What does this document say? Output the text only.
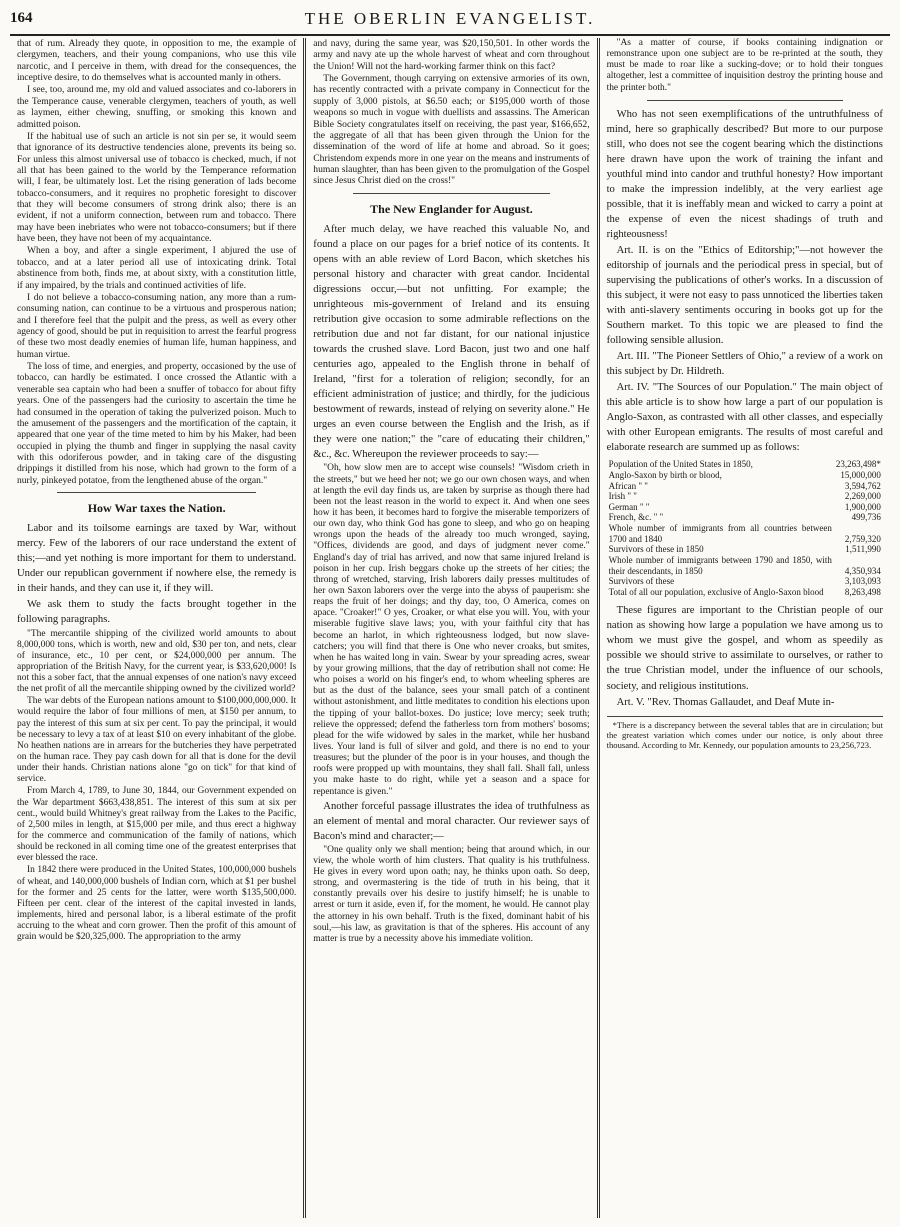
164	THE OBERLIN EVANGELIST.

that of rum. Already they quote, in opposition to me, the example of clergymen, teachers, and their young companions, who use this vile narcotic, and I perceive in them, with dread for the consequences, the inceptive desire, to do themselves what is accounted manly in others.

I see, too, around me, my old and valued associates and co-laborers in the Temperance cause, venerable clergymen, teachers of youth, as well as laymen, either chewing, snuffing, or smoking this known and admitted poison.

If the habitual use of such an article is not sin per se, it would seem that ignorance of its destructive tendencies alone, prevents its being so. For unless this almost universal use of tobacco is checked, much, if not all that has been gained to the world by the Temperance reformation will, I fear, be ultimately lost. Let the rising generation of lads become tobacco-consumers, and it requires no prophetic foresight to discover that they will become consumers of strong drink also; there is an evident, if not a uniform connection, between rum and tobacco. There may have been inebriates who were not tobacco-consumers; but if there have been, they have not been of my acquaintance.

When a boy, and after a single experiment, I abjured the use of tobacco, and at a later period all use of intoxicating drink. Total abstinence from both, finds me, at about sixty, with a constitution little, if any impaired, by the trials and continued activities of life.

I do not believe a tobacco-consuming nation, any more than a rum-consuming nation, can continue to be a virtuous and prosperous nation; and I therefore feel that the pulpit and the press, as well as every other agency of good, should be put in requisition to arrest the fearful progress of these two most deadly enemies of human life, human happiness, and human virtue.

The loss of time, and energies, and property, occasioned by the use of tobacco, can hardly be estimated. I once crossed the Atlantic with a venerable sea captain who had been a snuffer of tobacco for about fifty years. One of the passengers had the curiosity to ascertain the time he had consumed in the operation of taking the pulverized poison. Much to the amusement of the passengers and the mortification of the captain, it appeared that one year of the time meted to him by his Maker, had been occupied in plying the thumb and finger in supplying the nasal cavity with this odoriferous powder, and in taking care of the disgusting drippings it distilled from his nose, which had grown to the form of a nurly, pinkeyed potatoe, from the lengthened abuse of the organ."

How War taxes the Nation.

Labor and its toilsome earnings are taxed by War, without mercy. Few of the laborers of our race understand the extent of this;—and yet nothing is more important for them to understand. Under our republican government if nowhere else, the remedy is in their hands, and they can use it, if they will.

We ask them to study the facts brought together in the following paragraphs.

"The mercantile shipping of the civilized world amounts to about 8,000,000 tons, which is worth, new and old, $30 per ton, and nets, clear of insurance, etc., 10 per cent, or $24,000,000 per annum. The appropriation of the British Navy, for the current year, is $33,620,000! Is not this a sober fact, that the annual expenses of one nation's navy exceed the net profit of all the mercantile shipping owned by the civilized world?

The war debts of the European nations amount to $100,000,000,000. It would require the labor of four millions of men, at $150 per annum, to pay the interest of this sum at six per cent. To pay the principal, it would be necessary to levy a tax of at least $10 on every inhabitant of the globe. No heathen nations are in arrears for the butcheries they have perpetrated on the human race. They pay cash down for all that is done for the devil under their hands. Christian nations alone "go on tick" for that kind of service.

From March 4, 1789, to June 30, 1844, our Government expended on the War department $663,438,851. The interest of this sum at six per cent., would build Whitney's great railway from the Lakes to the Pacific, of 2,500 miles in length, at $15,000 per mile, and thus erect a highway for the commerce and communication of the family of nations, which should be reckoned in all coming time one of the greatest enterprises that ever blessed the race.

In 1842 there were produced in the United States, 100,000,000 bushels of wheat, and 140,000,000 bushels of Indian corn, which at $1 per bushel for the former and 25 cents for the latter, were worth $135,500,000. Fifteen per cent. clear of the interest of the capital invested in lands, implements, hired and personal labor, is a liberal estimate of the profit accruing to the wheat and corn grower. Then the profit of this amount of grain would be $20,325,000. The appropriation to the army

and navy, during the same year, was $20,150,501. In other words the army and navy ate up the whole harvest of wheat and corn throughout the Union! Will not the hard-working farmer think on this fact?

The Government, though carrying on extensive armories of its own, has recently contracted with a private company in Connecticut for the supply of 3,000 pistols, at $6.50 each; or $195,000 worth of those weapons so much in vogue with duellists and assassins. The American Bible Society congratulates itself on receiving, the past year, $166,652, the aggregate of all that has been given through the Union for the dissemination of the word of life at home and abroad. So it goes; Christendom expends more in one year on the means and instruments of human slaughter, than has been given to the promulgation of the Gospel since Jesus Christ died on the cross!"

The New Englander for August.

After much delay, we have reached this valuable No, and found a place on our pages for a brief notice of its contents. It opens with an able review of Lord Bacon, which sketches his personal history and character with great candor. Incidental digressions occur,—but not unfitting. For example; the unrighteous mis-government of Ireland and its ensuing retribution give occasion to some admirable reflections on the retribution due and not far distant, for our national injustice towards the crushed slave. Lord Bacon, just two and one half centuries ago, appealed to the English throne in behalf of Ireland, "first for a toleration of religion; secondly, for an efficient administration of justice; and thirdly, for the judicious bestowment of rewards, instead of relying on severity alone." He urges an even course between the English and the Irish, as if they were one nation;" the "care of educating their children," &c., &c. Whereupon the reviewer proceeds to say:—

"Oh, how slow men are to accept wise counsels! "Wisdom crieth in the streets," but we heed her not; we go our own chosen ways, and when at length the evil day finds us, are taken by surprise as though there had been not the least reason in the world to expect it. And when one sees how it has been, it becomes hard to forgive the miserable temporizers of our own day, who think God has gone to sleep, and who go on heaping wrongs upon the heads of the already too much wronged, saying, "Offices, dividends are good, and days of judgment never come." England's day of trial has arrived, and now that same injured Ireland is poison in her cup. Irish beggars choke up the streets of her cities; the throng of wretched, starving, Irish laborers daily presses multitudes of her own Saxon laborers over the verge into the abyss of pauperism: she reaps the fruit of her doings; and thy day, too, O America, comes on apace. "Croaker!" O yes, Croaker, or what else you will. You, with your miserable fugitive slave laws; you, with your faithful city that has become an harlot, in which righteousness lodged, but now slave-catchers; you will find that there is One who never croaks, but smites, when he has waited long in vain. Swear by your spreading acres, swear by your growing millions, that the day of retribution shall not come: He who poises a world on his finger's end, to whom wheeling spheres are but as the dust of the balance, sees your small patch of a continent without astonishment, and little meditates to condition his elections upon the tipping of your ballot-boxes. Do justice; love mercy; seek truth; relieve the oppressed; defend the fatherless torn from mothers' bosoms; plead for the wife widowed by sales in the market, while her husband lives. Your land is full of silver and gold, and there is no end to your treasures; but the plunder of the poor is in your houses, and though the roofs were propped up with mountains, they shall fall. Shall fall, unless you make haste to do right, while yet a season and a space for repentance is given."

Another forceful passage illustrates the idea of truthfulness as an element of mental and moral character. Our reviewer says of Bacon's mind and character;—

"One quality only we shall mention; being that around which, in our view, the whole worth of him clusters. That quality is his truthfulness. He gives in every word upon oath; nay, he thinks upon oath. So deep, strong, and overmastering is the tide of truth in his being, that it constantly prevails over his desire to justify himself; he is unable to arrest or turn it aside, even if, for the moment, he would. He cannot play the attorney in his own behalf. Truth is the fixed, dominant habit of his soul,—his law, as gravitation is that of the spheres. His account of any matter is true by a necessity above his immediate volition.

"As a matter of course, if books containing indignation or remonstrance upon one subject are to be re-printed at the south, they must be made to roar like a sucking-dove; or to hold their tongues altogether, lest a committee of inquisition destroy the printing house and the printer both."

Who has not seen exemplifications of the untruthfulness of mind, here so graphically described? But more to our purpose still, who does not see the cogent bearing which the distinctions here drawn have upon the work of training the infant and youthful mind into candor and truthful honesty? How important to make the impression indelibly, at the very earliest age possible, that it is ineffably mean and wicked to carry a point at the expense of even the nicest shadings of truth and righteousness!

Art. II. is on the "Ethics of Editorship;"—not however the editorship of journals and the periodical press in special, but of supervising the publications of other's works. In a discussion of this subject, it were not easy to pass unnoticed the liberties taken with anti-slavery sentiments occuring in books got up for the Southern market. To this topic we are pleased to find the following sensible allusion.

Art. III. "The Pioneer Settlers of Ohio," a review of a work on this subject by Dr. Hildreth.

Art. IV. "The Sources of our Population." The main object of this able article is to show how large a part of our population is Anglo-Saxon, as contrasted with all other classes, and especially with other European emigrants. The results of most careful and elaborate research are summed up as follows:

Population of the United States in 1850,	23,263,498*
Anglo-Saxon by birth or blood,	15,000,000
African " "	3,594,762
Irish " "	2,269,000
German " "	1,900,000
French, &c. " "	499,736
Whole number of immigrants from all countries between 1700 and 1840	2,759,320
Survivors of these in 1850	1,511,990
Whole number of immigrants between 1790 and 1850, with their descendants, in 1850	4,350,934
Survivors of these	3,103,093
Total of all our population, exclusive of Anglo-Saxon blood	8,263,498

These figures are important to the Christian people of our nation as showing how large a population we have among us to whom we must give the gospel, and whom as speedily as possible we should strive to assimilate to ourselves, or rather to the true Christian model, under the influence of our schools, society, and religious institutions.

Art. V. "Rev. Thomas Gallaudet, and Deaf Mute in-

*There is a discrepancy between the several tables that are in circulation; but the greatest variation which comes under our notice, is only about three thousand. According to Mr. Kennedy, our population amounts to 23,256,723.
